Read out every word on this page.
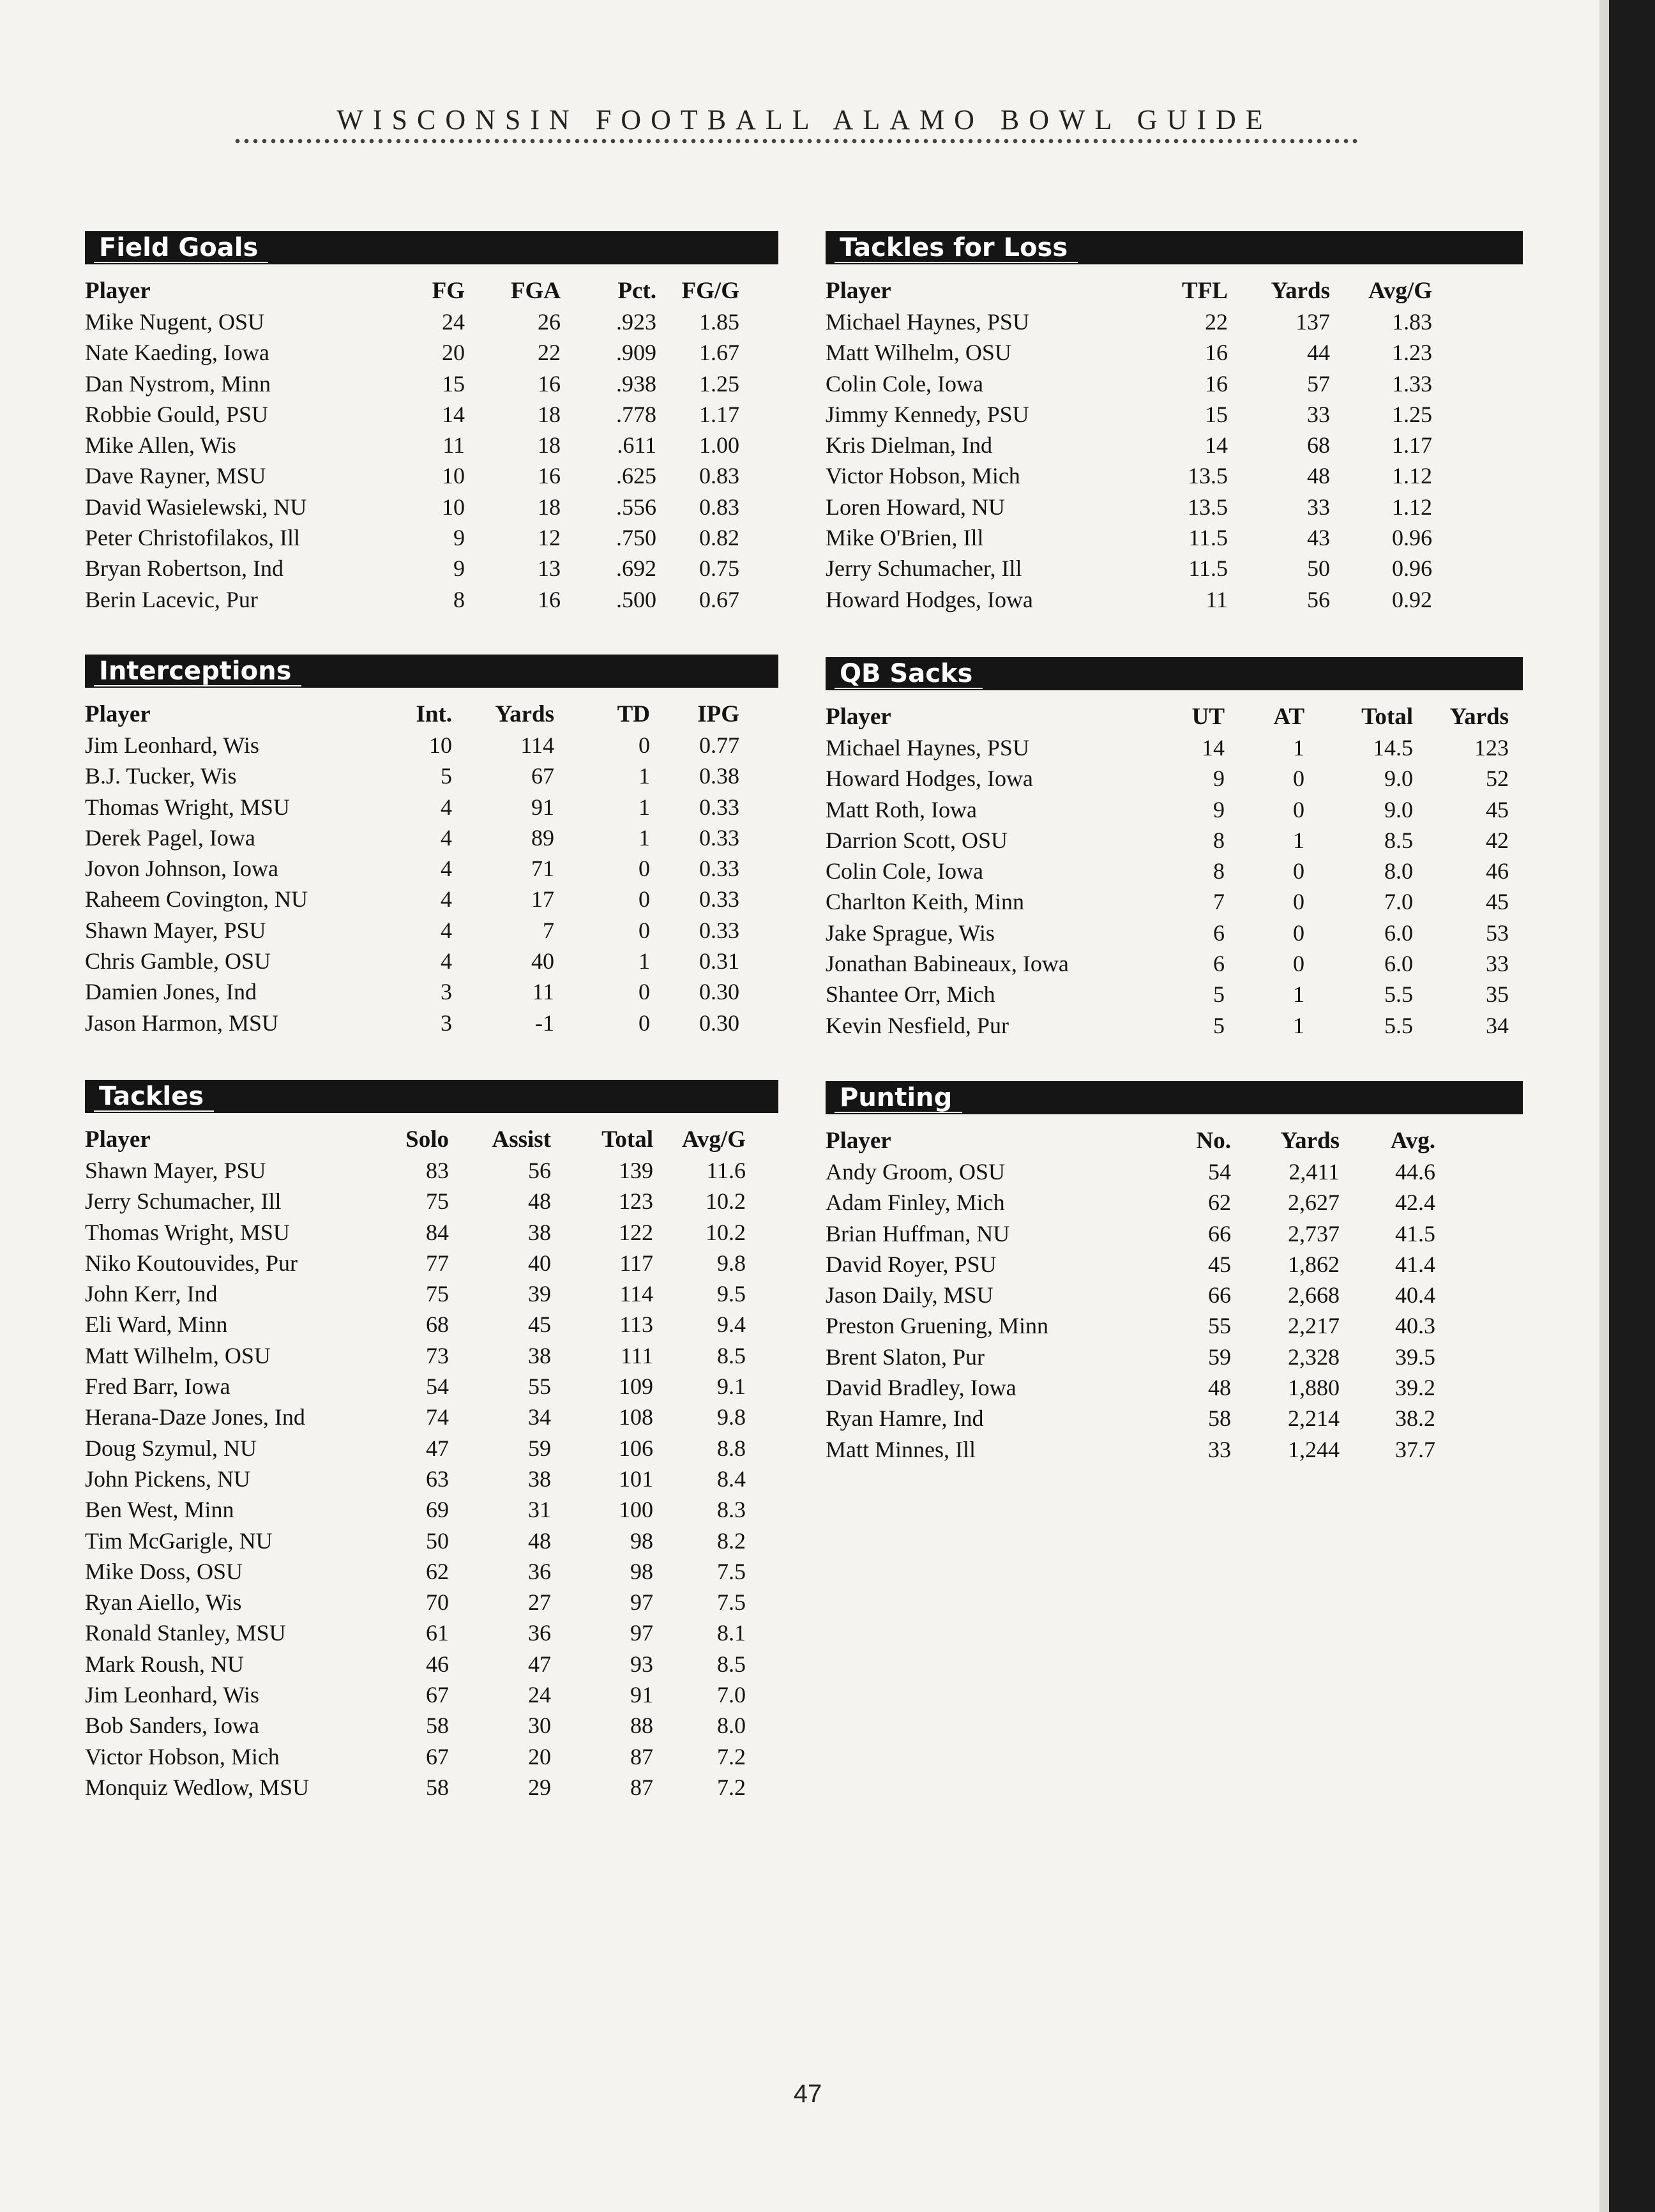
WISCONSIN FOOTBALL ALAMO BOWL GUIDE
Field Goals
Player	FG	FGA	Pct.	FG/G
Mike Nugent, OSU	24	26	.923	1.85
Nate Kaeding, Iowa	20	22	.909	1.67
Dan Nystrom, Minn	15	16	.938	1.25
Robbie Gould, PSU	14	18	.778	1.17
Mike Allen, Wis	11	18	.611	1.00
Dave Rayner, MSU	10	16	.625	0.83
David Wasielewski, NU	10	18	.556	0.83
Peter Christofilakos, Ill	9	12	.750	0.82
Bryan Robertson, Ind	9	13	.692	0.75
Berin Lacevic, Pur	8	16	.500	0.67
Tackles for Loss
Player	TFL	Yards	Avg/G
Michael Haynes, PSU	22	137	1.83
Matt Wilhelm, OSU	16	44	1.23
Colin Cole, Iowa	16	57	1.33
Jimmy Kennedy, PSU	15	33	1.25
Kris Dielman, Ind	14	68	1.17
Victor Hobson, Mich	13.5	48	1.12
Loren Howard, NU	13.5	33	1.12
Mike O'Brien, Ill	11.5	43	0.96
Jerry Schumacher, Ill	11.5	50	0.96
Howard Hodges, Iowa	11	56	0.92
Interceptions
Player	Int.	Yards	TD	IPG
Jim Leonhard, Wis	10	114	0	0.77
B.J. Tucker, Wis	5	67	1	0.38
Thomas Wright, MSU	4	91	1	0.33
Derek Pagel, Iowa	4	89	1	0.33
Jovon Johnson, Iowa	4	71	0	0.33
Raheem Covington, NU	4	17	0	0.33
Shawn Mayer, PSU	4	7	0	0.33
Chris Gamble, OSU	4	40	1	0.31
Damien Jones, Ind	3	11	0	0.30
Jason Harmon, MSU	3	-1	0	0.30
QB Sacks
Player	UT	AT	Total	Yards
Michael Haynes, PSU	14	1	14.5	123
Howard Hodges, Iowa	9	0	9.0	52
Matt Roth, Iowa	9	0	9.0	45
Darrion Scott, OSU	8	1	8.5	42
Colin Cole, Iowa	8	0	8.0	46
Charlton Keith, Minn	7	0	7.0	45
Jake Sprague, Wis	6	0	6.0	53
Jonathan Babineaux, Iowa	6	0	6.0	33
Shantee Orr, Mich	5	1	5.5	35
Kevin Nesfield, Pur	5	1	5.5	34
Tackles
Player	Solo	Assist	Total	Avg/G
Shawn Mayer, PSU	83	56	139	11.6
Jerry Schumacher, Ill	75	48	123	10.2
Thomas Wright, MSU	84	38	122	10.2
Niko Koutouvides, Pur	77	40	117	9.8
John Kerr, Ind	75	39	114	9.5
Eli Ward, Minn	68	45	113	9.4
Matt Wilhelm, OSU	73	38	111	8.5
Fred Barr, Iowa	54	55	109	9.1
Herana-Daze Jones, Ind	74	34	108	9.8
Doug Szymul, NU	47	59	106	8.8
John Pickens, NU	63	38	101	8.4
Ben West, Minn	69	31	100	8.3
Tim McGarigle, NU	50	48	98	8.2
Mike Doss, OSU	62	36	98	7.5
Ryan Aiello, Wis	70	27	97	7.5
Ronald Stanley, MSU	61	36	97	8.1
Mark Roush, NU	46	47	93	8.5
Jim Leonhard, Wis	67	24	91	7.0
Bob Sanders, Iowa	58	30	88	8.0
Victor Hobson, Mich	67	20	87	7.2
Monquiz Wedlow, MSU	58	29	87	7.2
Punting
Player	No.	Yards	Avg.
Andy Groom, OSU	54	2,411	44.6
Adam Finley, Mich	62	2,627	42.4
Brian Huffman, NU	66	2,737	41.5
David Royer, PSU	45	1,862	41.4
Jason Daily, MSU	66	2,668	40.4
Preston Gruening, Minn	55	2,217	40.3
Brent Slaton, Pur	59	2,328	39.5
David Bradley, Iowa	48	1,880	39.2
Ryan Hamre, Ind	58	2,214	38.2
Matt Minnes, Ill	33	1,244	37.7
47
